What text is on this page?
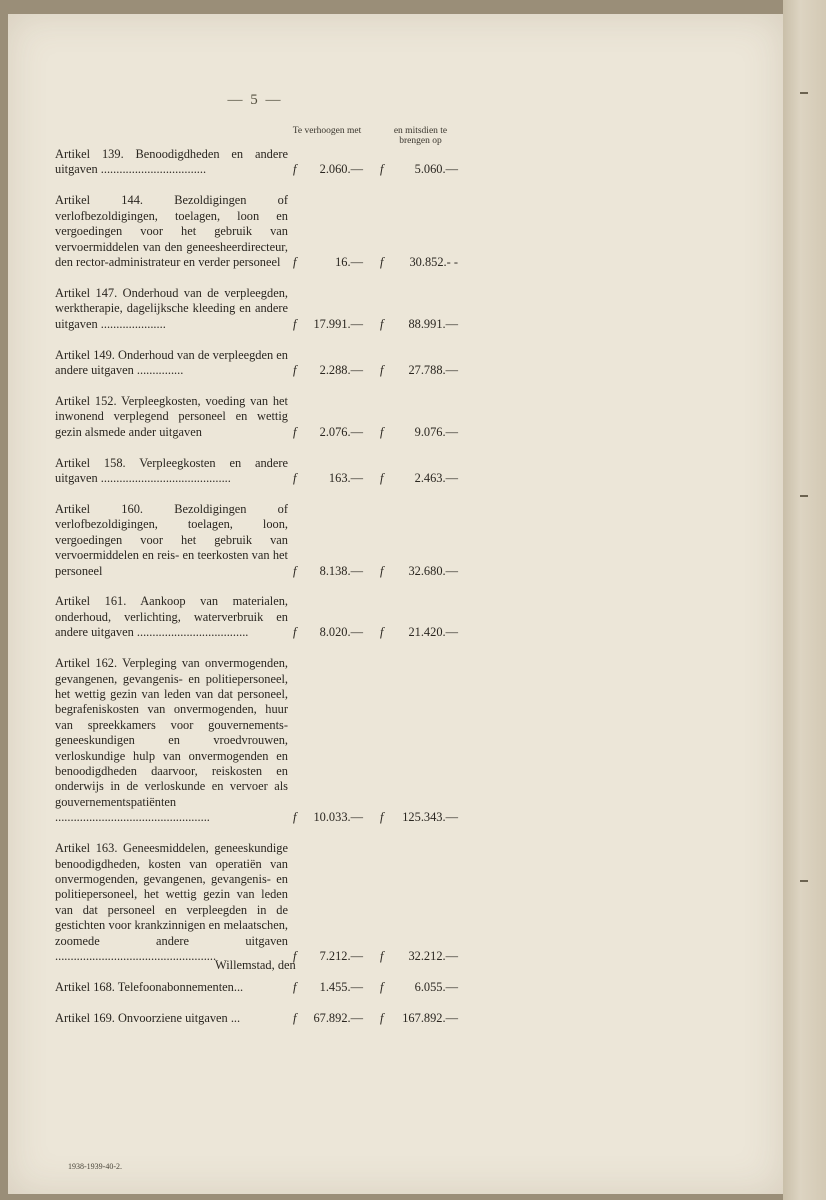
— 5 —
Te verhoogen met	en mitsdien te
brengen op
Artikel 139. Benoodigdheden en andere uitgaven ..................................	f 2.060.— f	5.060.—
Artikel 144. Bezoldigingen of verlofbezoldigingen, toelagen, loon en vergoedingen voor het gebruik van vervoermiddelen van den geneesheerdirecteur, den rector-administrateur en verder personeel	f	16.— f 30.852.- -
Artikel 147. Onderhoud van de verpleegden, werktherapie, dagelijksche kleeding en andere uitgaven .....................	f 17.991.— f 88.991.—
Artikel 149. Onderhoud van de verpleegden en andere uitgaven ...............	f 2.288.— f 27.788.—
Artikel 152. Verpleegkosten, voeding van het inwonend verplegend personeel en wettig gezin alsmede ander uitgaven	f 2.076.— f	9.076.—
Artikel 158. Verpleegkosten en andere uitgaven ..........................................	f	163.— f	2.463.—
Artikel 160. Bezoldigingen of verlofbezoldigingen, toelagen, loon, vergoedingen voor het gebruik van vervoermiddelen en reis- en teerkosten van het personeel	f 8.138.— f 32.680.—
Artikel 161. Aankoop van materialen, onderhoud, verlichting, waterverbruik en andere uitgaven ....................................	f 8.020.— f 21.420.—
Artikel 162. Verpleging van onvermogenden, gevangenen, gevangenis- en politiepersoneel, het wettig gezin van leden van dat personeel, begrafeniskosten van onvermogenden, huur van spreekkamers voor gouvernements-geneeskundigen en vroedvrouwen, verloskundige hulp van onvermogenden en benoodigdheden daarvoor, reiskosten en onderwijs in de verloskunde en vervoer als gouvernementspatiënten ..................................................	f 10.033.— f 125.343.—
Artikel 163. Geneesmiddelen, geneeskundige benoodigdheden, kosten van operatiën van onvermogenden, gevangenen, gevangenis- en politiepersoneel, het wettig gezin van leden van dat personeel en verpleegden in de gestichten voor krankzinnigen en melaatschen, zoomede andere uitgaven ....................................................	f 7.212.— f 32.212.—
Artikel 168. Telefoonabonnementen...	f 1.455.— f	6.055.—
Artikel 169. Onvoorziene uitgaven ...	f 67.892.— f 167.892.—
Willemstad, den
1938-1939-40-2.
